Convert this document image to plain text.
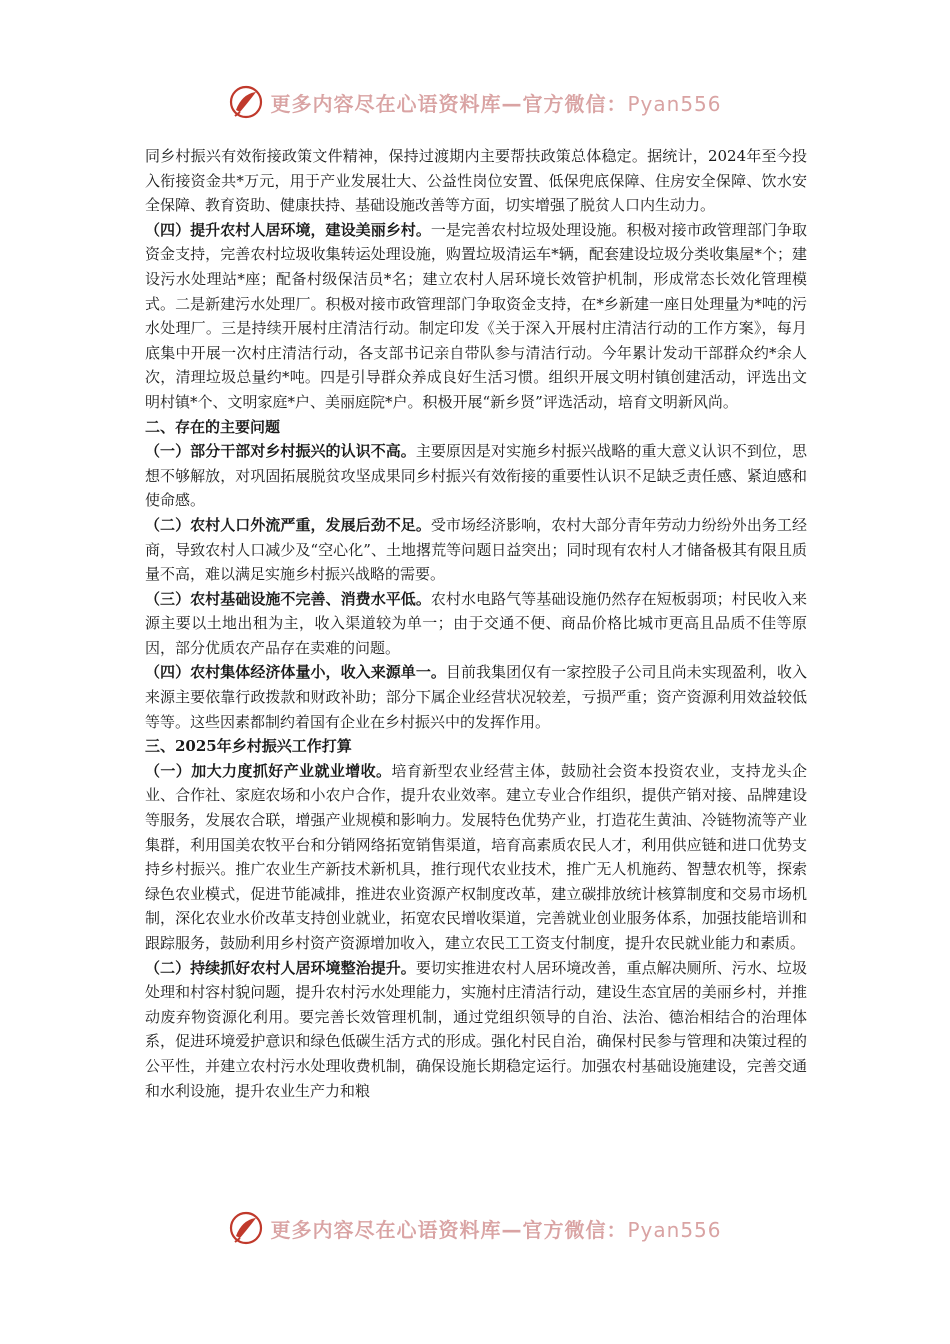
更多内容尽在心语资料库—官方微信：Pyan556

同乡村振兴有效衔接政策文件精神，保持过渡期内主要帮扶政策总体稳定。据统计，2024年至今投入衔接资金共*万元，用于产业发展壮大、公益性岗位安置、低保兜底保障、住房安全保障、饮水安全保障、教育资助、健康扶持、基础设施改善等方面，切实增强了脱贫人口内生动力。

（四）提升农村人居环境，建设美丽乡村。一是完善农村垃圾处理设施。积极对接市政管理部门争取资金支持，完善农村垃圾收集转运处理设施，购置垃圾清运车*辆，配套建设垃圾分类收集屋*个；建设污水处理站*座；配备村级保洁员*名；建立农村人居环境长效管护机制，形成常态长效化管理模式。二是新建污水处理厂。积极对接市政管理部门争取资金支持，在*乡新建一座日处理量为*吨的污水处理厂。三是持续开展村庄清洁行动。制定印发《关于深入开展村庄清洁行动的工作方案》，每月底集中开展一次村庄清洁行动，各支部书记亲自带队参与清洁行动。今年累计发动干部群众约*余人次，清理垃圾总量约*吨。四是引导群众养成良好生活习惯。组织开展文明村镇创建活动，评选出文明村镇*个、文明家庭*户、美丽庭院*户。积极开展“新乡贤”评选活动，培育文明新风尚。

二、存在的主要问题

（一）部分干部对乡村振兴的认识不高。主要原因是对实施乡村振兴战略的重大意义认识不到位，思想不够解放，对巩固拓展脱贫攻坚成果同乡村振兴有效衔接的重要性认识不足缺乏责任感、紧迫感和使命感。

（二）农村人口外流严重，发展后劲不足。受市场经济影响，农村大部分青年劳动力纷纷外出务工经商，导致农村人口减少及“空心化”、土地撂荒等问题日益突出；同时现有农村人才储备极其有限且质量不高，难以满足实施乡村振兴战略的需要。

（三）农村基础设施不完善、消费水平低。农村水电路气等基础设施仍然存在短板弱项；村民收入来源主要以土地出租为主，收入渠道较为单一；由于交通不便、商品价格比城市更高且品质不佳等原因，部分优质农产品存在卖难的问题。

（四）农村集体经济体量小，收入来源单一。目前我集团仅有一家控股子公司且尚未实现盈利，收入来源主要依靠行政拨款和财政补助；部分下属企业经营状况较差，亏损严重；资产资源利用效益较低等等。这些因素都制约着国有企业在乡村振兴中的发挥作用。

三、2025年乡村振兴工作打算

（一）加大力度抓好产业就业增收。培育新型农业经营主体，鼓励社会资本投资农业，支持龙头企业、合作社、家庭农场和小农户合作，提升农业效率。建立专业合作组织，提供产销对接、品牌建设等服务，发展农合联，增强产业规模和影响力。发展特色优势产业，打造花生黄油、冷链物流等产业集群，利用国美农牧平台和分销网络拓宽销售渠道，培育高素质农民人才，利用供应链和进口优势支持乡村振兴。推广农业生产新技术新机具，推行现代农业技术，推广无人机施药、智慧农机等，探索绿色农业模式，促进节能减排，推进农业资源产权制度改革，建立碳排放统计核算制度和交易市场机制，深化农业水价改革支持创业就业，拓宽农民增收渠道，完善就业创业服务体系，加强技能培训和跟踪服务，鼓励利用乡村资产资源增加收入，建立农民工工资支付制度，提升农民就业能力和素质。

（二）持续抓好农村人居环境整治提升。要切实推进农村人居环境改善，重点解决厕所、污水、垃圾处理和村容村貌问题，提升农村污水处理能力，实施村庄清洁行动，建设生态宜居的美丽乡村，并推动废弃物资源化利用。要完善长效管理机制，通过党组织领导的自治、法治、德治相结合的治理体系，促进环境爱护意识和绿色低碳生活方式的形成。强化村民自治，确保村民参与管理和决策过程的公平性，并建立农村污水处理收费机制，确保设施长期稳定运行。加强农村基础设施建设，完善交通和水利设施，提升农业生产力和粮

更多内容尽在心语资料库—官方微信：Pyan556
